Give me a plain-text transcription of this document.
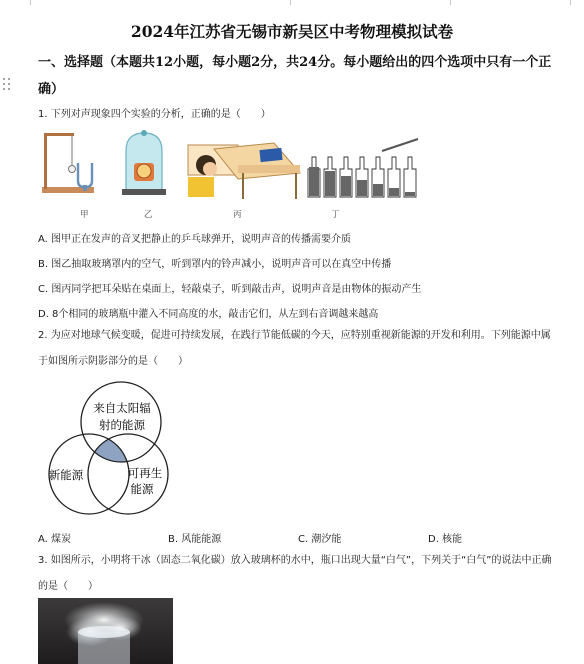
2024年江苏省无锡市新吴区中考物理模拟试卷
一、选择题（本题共12小题，每小题2分，共24分。每小题给出的四个选项中只有一个正确）
1. 下列对声现象四个实验的分析，正确的是（　　）
甲	乙	丙	丁
A. 图甲正在发声的音叉把静止的乒乓球弹开，说明声音的传播需要介质
B. 图乙抽取玻璃罩内的空气，听到罩内的铃声减小，说明声音可以在真空中传播
C. 图丙同学把耳朵贴在桌面上，轻敲桌子，听到敲击声，说明声音是由物体的振动产生
D. 8个相同的玻璃瓶中灌入不同高度的水，敲击它们，从左到右音调越来越高
2. 为应对地球气候变暖，促进可持续发展，在践行节能低碳的今天，应特别重视新能源的开发和利用。下列能源中属于如图所示阴影部分的是（　　）
来自太阳辐
射的能源
新能源	可再生
能源
A. 煤炭	B. 风能能源	C. 潮汐能	D. 核能
3. 如图所示，小明将干冰（固态二氧化碳）放入玻璃杯的水中，瓶口出现大量“白气”，下列关于“白气”的说法中正确的是（　　）
